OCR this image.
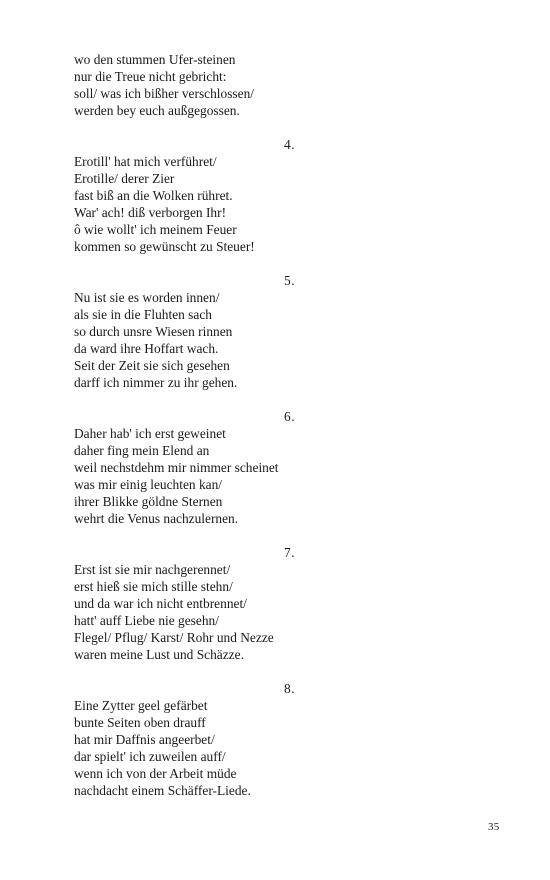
wo den stummen Ufer-steinen
nur die Treue nicht gebricht:
soll/ was ich bißher verschlossen/
werden bey euch außgegossen.
4.
Erotill' hat mich verführet/
Erotille/ derer Zier
fast biß an die Wolken rühret.
War' ach! diß verborgen Ihr!
ô wie wollt' ich meinem Feuer
kommen so gewünscht zu Steuer!
5.
Nu ist sie es worden innen/
als sie in die Fluhten sach
so durch unsre Wiesen rinnen
da ward ihre Hoffart wach.
Seit der Zeit sie sich gesehen
darff ich nimmer zu ihr gehen.
6.
Daher hab' ich erst geweinet
daher fing mein Elend an
weil nechstdehm mir nimmer scheinet
was mir einig leuchten kan/
ihrer Blikke göldne Sternen
wehrt die Venus nachzulernen.
7.
Erst ist sie mir nachgerennet/
erst hieß sie mich stille stehn/
und da war ich nicht entbrennet/
hatt' auff Liebe nie gesehn/
Flegel/ Pflug/ Karst/ Rohr und Nezze
waren meine Lust und Schäzze.
8.
Eine Zytter geel gefärbet
bunte Seiten oben drauff
hat mir Daffnis angeerbet/
dar spielt' ich zuweilen auff/
wenn ich von der Arbeit müde
nachdacht einem Schäffer-Liede.
35
